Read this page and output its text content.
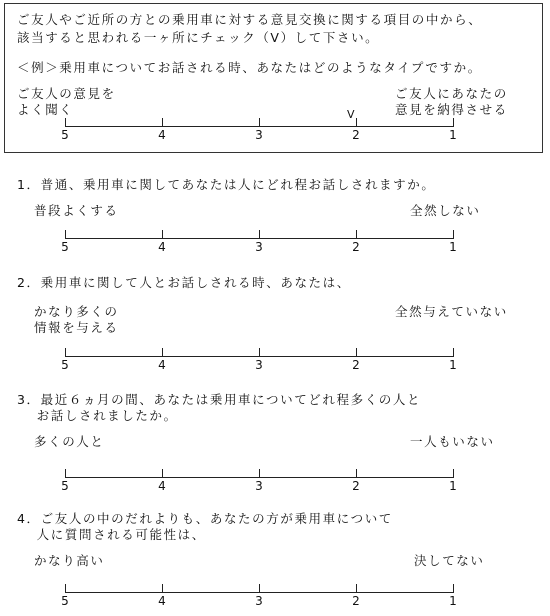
ご友人やご近所の方との乗用車に対する意見交換に関する項目の中から、
該当すると思われる一ヶ所にチェック（V）して下さい。
＜例＞乗用車についてお話される時、あなたはどのようなタイプですか。
ご友人の意見を
よく聞く
ご友人にあなたの
意見を納得させる
V
5	4	3	2	1
1．普通、乗用車に関してあなたは人にどれ程お話しされますか。
普段よくする	全然しない
5	4	3	2	1
2．乗用車に関して人とお話しされる時、あなたは、
かなり多くの
情報を与える
全然与えていない
5	4	3	2	1
3．最近６ヵ月の間、あなたは乗用車についてどれ程多くの人と
　 お話しされましたか。
多くの人と	一人もいない
5	4	3	2	1
4．ご友人の中のだれよりも、あなたの方が乗用車について
　 人に質問される可能性は、
かなり高い	決してない
5	4	3	2	1
